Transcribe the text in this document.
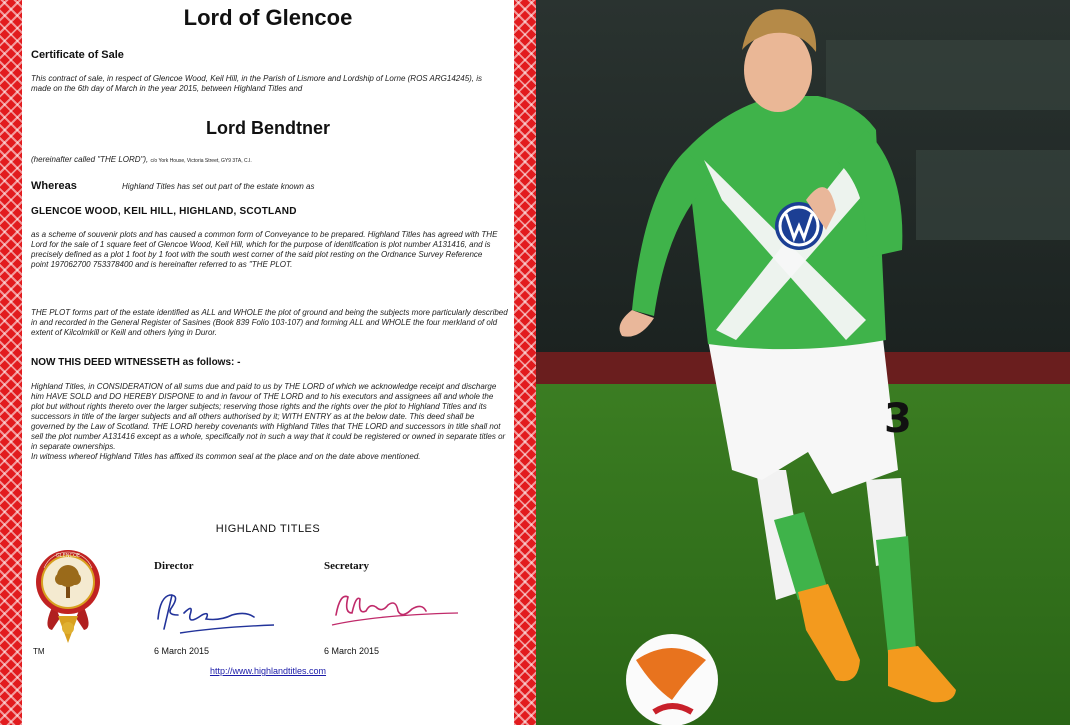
Lord of Glencoe
Certificate of Sale
This contract of sale, in respect of Glencoe Wood, Keil Hill, in the Parish of Lismore and Lordship of Lorne (ROS ARG14245), is made on the 6th day of March in the year 2015, between Highland Titles and
Lord Bendtner
(hereinafter called "THE LORD"), c/o York House, Victoria Street, GY9 3TA, C.I.
Whereas	Highland Titles has set out part of the estate known as
GLENCOE WOOD, KEIL HILL, HIGHLAND, SCOTLAND
as a scheme of souvenir plots and has caused a common form of Conveyance to be prepared. Highland Titles has agreed with THE Lord for the sale of 1 square feet of Glencoe Wood, Keil Hill, which for the purpose of identification is plot number A131416, and is precisely defined as a plot 1 foot by 1 foot with the south west corner of the said plot resting on the Ordnance Survey Reference point 197062700 753378400 and is hereinafter referred to as "THE PLOT.
THE PLOT forms part of the estate identified as ALL and WHOLE the plot of ground and being the subjects more particularly described in and recorded in the General Register of Sasines (Book 839 Folio 103-107) and forming ALL and WHOLE the four merkland of old extent of Kilcolmkill or Keill and others lying in Duror.
NOW THIS DEED WITNESSETH as follows: -
Highland Titles, in CONSIDERATION of all sums due and paid to us by THE LORD of which we acknowledge receipt and discharge him HAVE SOLD and DO HEREBY DISPONE to and in favour of THE LORD and to his executors and assignees all and whole the plot but without rights thereto over the larger subjects; reserving those rights and the rights over the plot to Highland Titles and its successors in title of the larger subjects and all others authorised by it; WITH ENTRY as at the below date. This deed shall be governed by the Law of Scotland. THE LORD hereby covenants with Highland Titles that THE LORD and successors in title shall not sell the plot number A131416 except as a whole, specifically not in such a way that it could be registered or owned in separate titles or in separate ownerships.
In witness whereof Highland Titles has affixed its common seal at the place and on the date above mentioned.
HIGHLAND TITLES
Director	Secretary
GLENCOE
TM	6 March 2015	6 March 2015
http://www.highlandtitles.com
3
